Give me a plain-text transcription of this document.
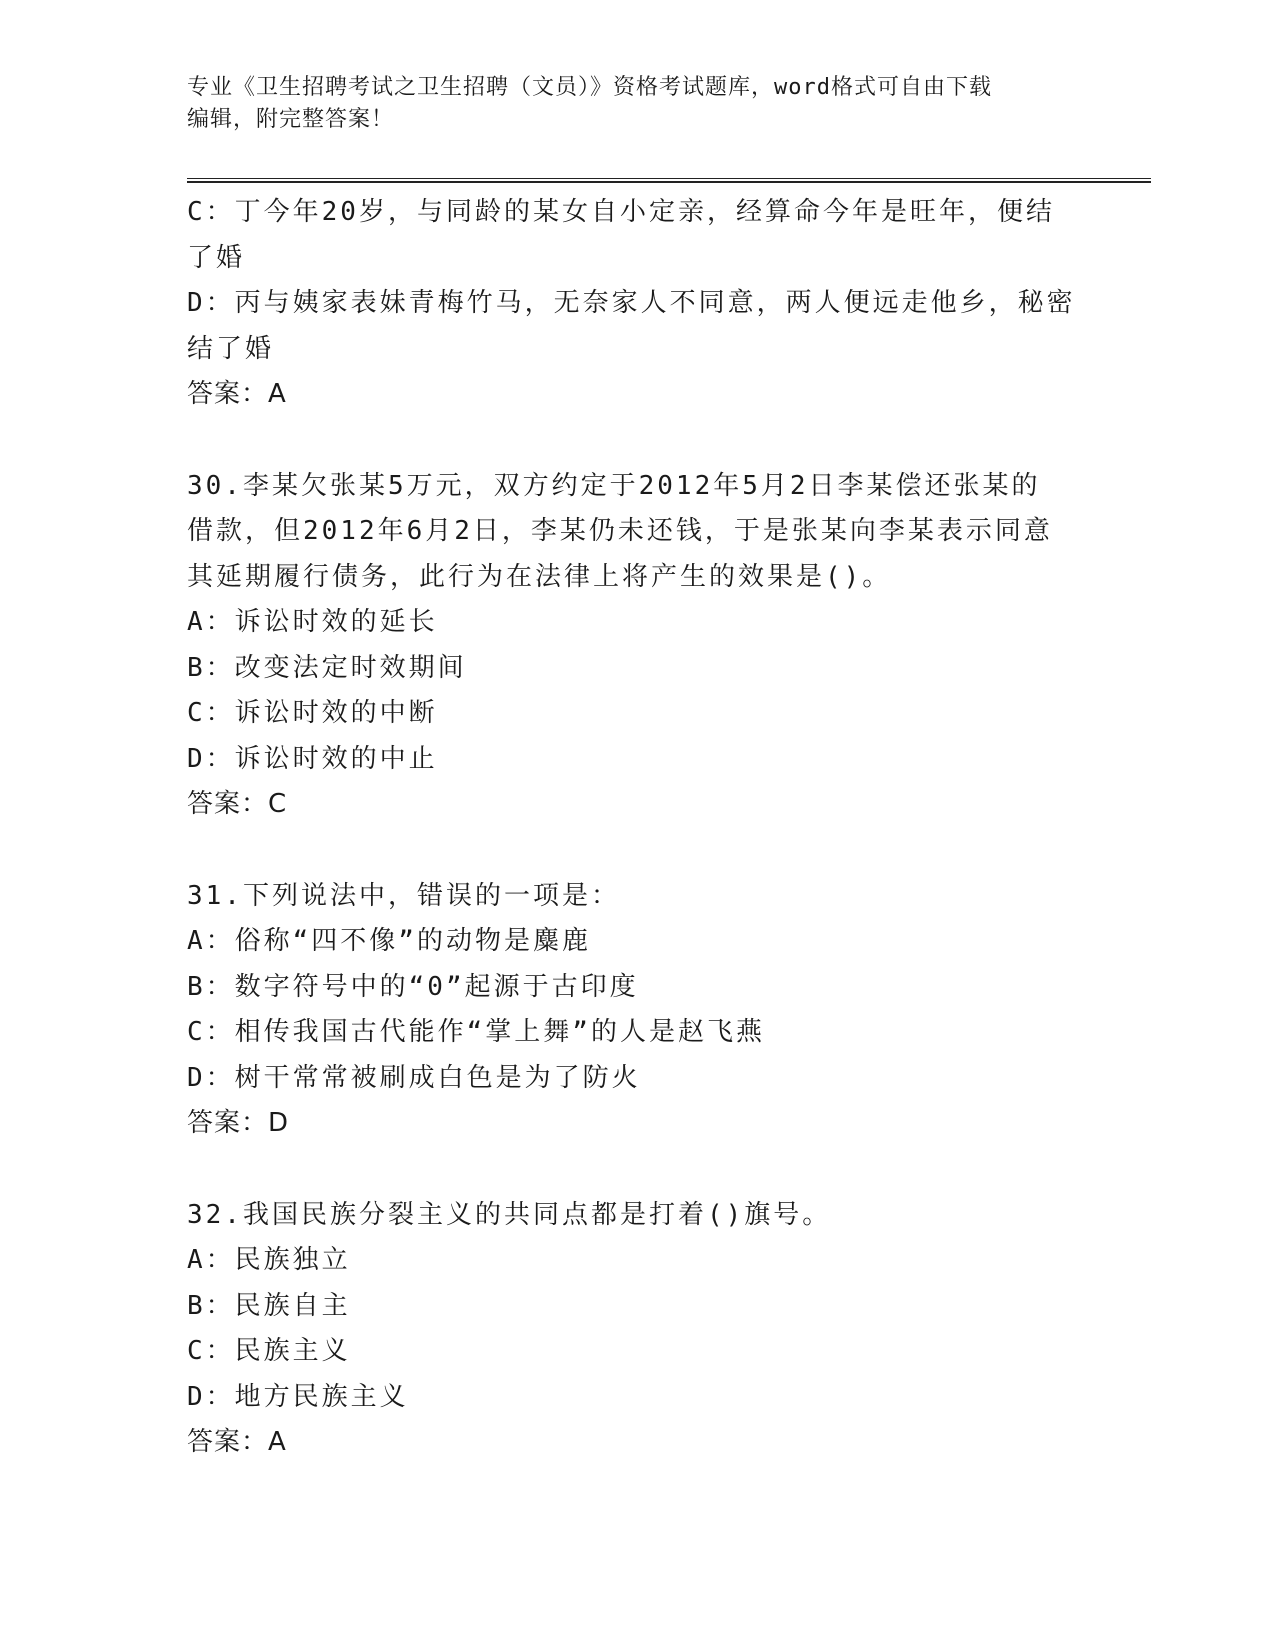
专业《卫生招聘考试之卫生招聘（文员）》资格考试题库，word格式可自由下载
编辑，附完整答案！
C：丁今年20岁，与同龄的某女自小定亲，经算命今年是旺年，便结
了婚
D：丙与姨家表妹青梅竹马，无奈家人不同意，两人便远走他乡，秘密
结了婚
答案：A
30.李某欠张某5万元，双方约定于2012年5月2日李某偿还张某的
借款，但2012年6月2日，李某仍未还钱，于是张某向李某表示同意
其延期履行债务，此行为在法律上将产生的效果是()。
A：诉讼时效的延长
B：改变法定时效期间
C：诉讼时效的中断
D：诉讼时效的中止
答案：C
31.下列说法中，错误的一项是：
A：俗称“四不像”的动物是麋鹿
B：数字符号中的“0”起源于古印度
C：相传我国古代能作“掌上舞”的人是赵飞燕
D：树干常常被刷成白色是为了防火
答案：D
32.我国民族分裂主义的共同点都是打着()旗号。
A：民族独立
B：民族自主
C：民族主义
D：地方民族主义
答案：A
